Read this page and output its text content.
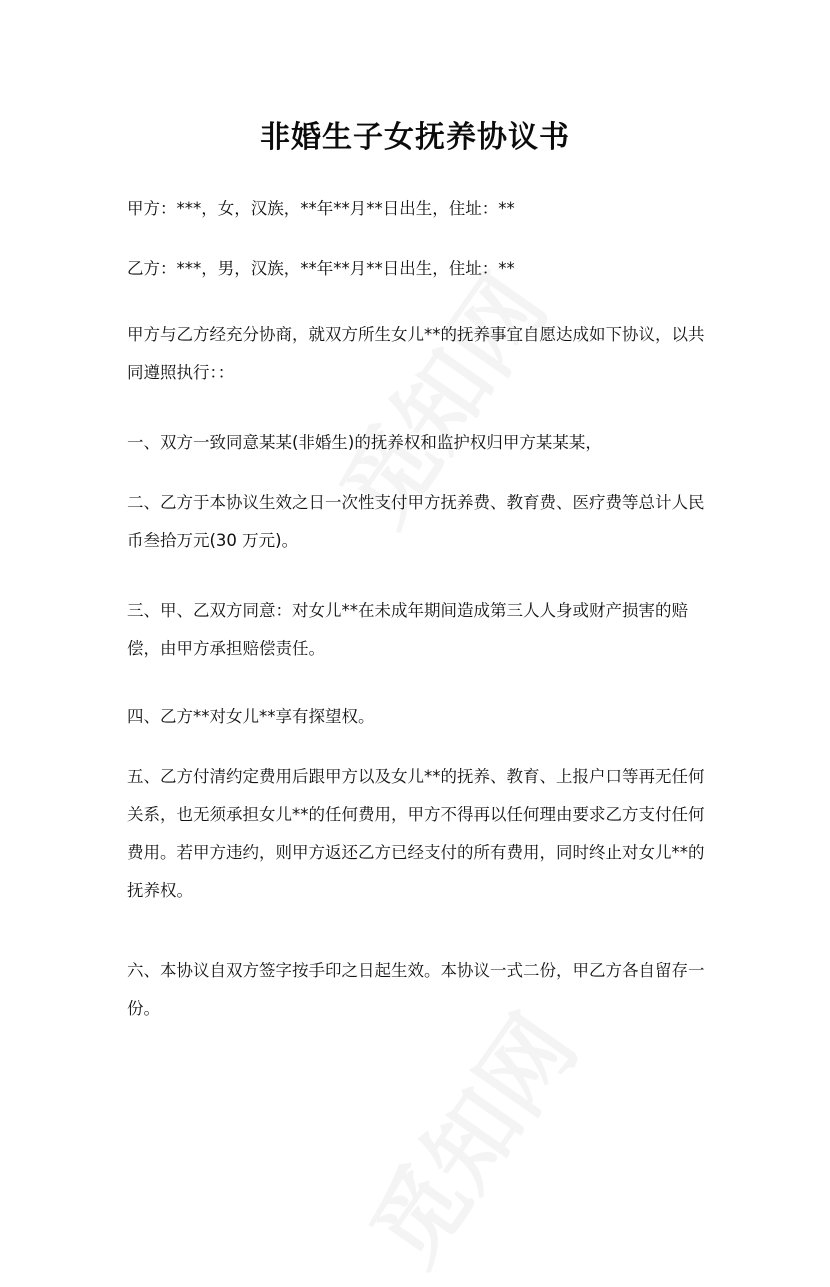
非婚生子女抚养协议书

甲方：***，女，汉族，**年**月**日出生，住址：**

乙方：***，男，汉族，**年**月**日出生，住址：**

甲方与乙方经充分协商，就双方所生女儿**的抚养事宜自愿达成如下协议，以共同遵照执行：：

一、双方一致同意某某(非婚生)的抚养权和监护权归甲方某某某，

二、乙方于本协议生效之日一次性支付甲方抚养费、教育费、医疗费等总计人民币叁拾万元(30 万元)。

三、甲、乙双方同意：对女儿**在未成年期间造成第三人人身或财产损害的赔偿，由甲方承担赔偿责任。

四、乙方**对女儿**享有探望权。

五、乙方付清约定费用后跟甲方以及女儿**的抚养、教育、上报户口等再无任何关系，也无须承担女儿**的任何费用，甲方不得再以任何理由要求乙方支付任何费用。若甲方违约，则甲方返还乙方已经支付的所有费用，同时终止对女儿**的抚养权。

六、本协议自双方签字按手印之日起生效。本协议一式二份，甲乙方各自留存一份。
